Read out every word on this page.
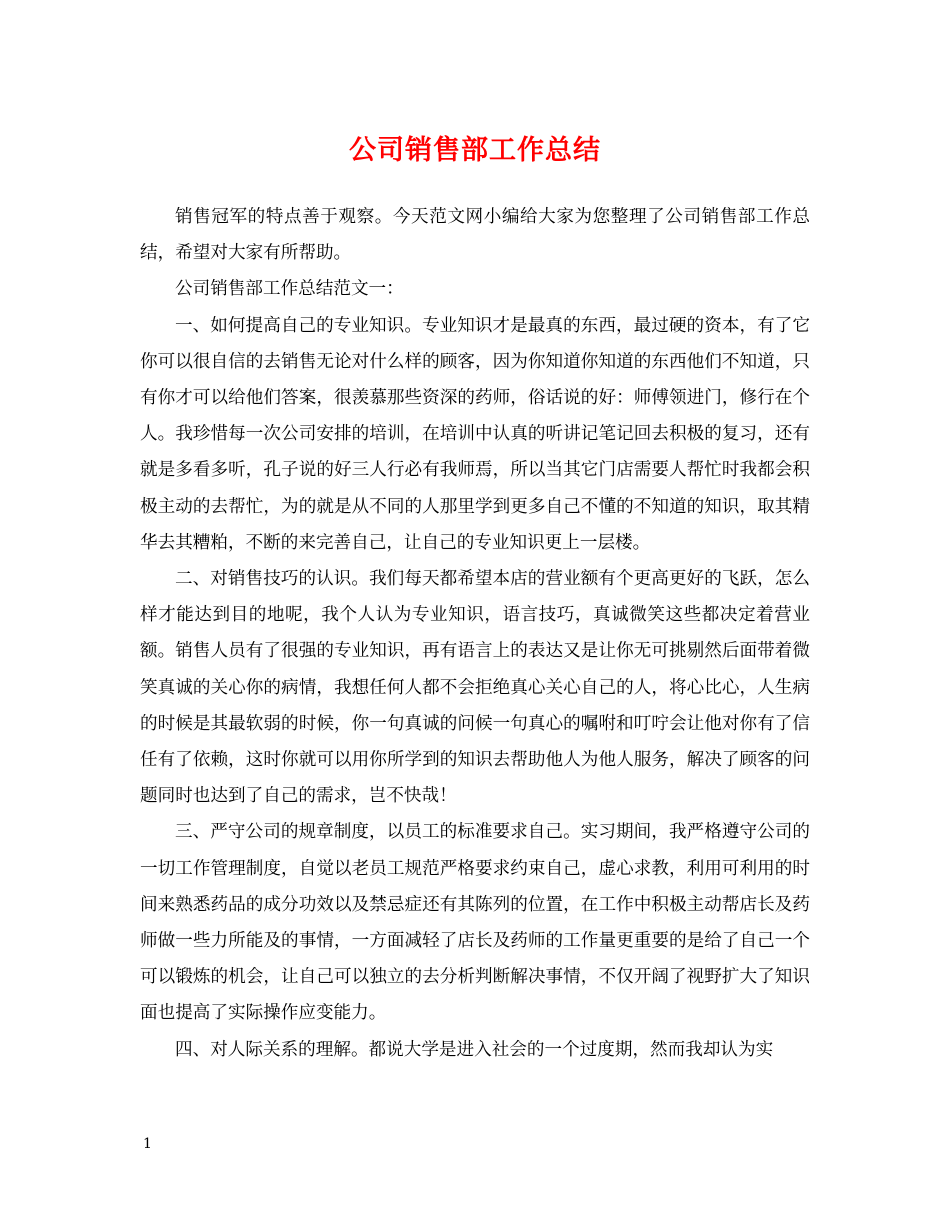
公司销售部工作总结

销售冠军的特点善于观察。今天范文网小编给大家为您整理了公司销售部工作总结，希望对大家有所帮助。

公司销售部工作总结范文一：

一、如何提高自己的专业知识。专业知识才是最真的东西，最过硬的资本，有了它你可以很自信的去销售无论对什么样的顾客，因为你知道你知道的东西他们不知道，只有你才可以给他们答案，很羡慕那些资深的药师，俗话说的好：师傅领进门，修行在个人。我珍惜每一次公司安排的培训，在培训中认真的听讲记笔记回去积极的复习，还有就是多看多听，孔子说的好三人行必有我师焉，所以当其它门店需要人帮忙时我都会积极主动的去帮忙，为的就是从不同的人那里学到更多自己不懂的不知道的知识，取其精华去其糟粕，不断的来完善自己，让自己的专业知识更上一层楼。

二、对销售技巧的认识。我们每天都希望本店的营业额有个更高更好的飞跃，怎么样才能达到目的地呢，我个人认为专业知识，语言技巧，真诚微笑这些都决定着营业额。销售人员有了很强的专业知识，再有语言上的表达又是让你无可挑剔然后面带着微笑真诚的关心你的病情，我想任何人都不会拒绝真心关心自己的人，将心比心，人生病的时候是其最软弱的时候，你一句真诚的问候一句真心的嘱咐和叮咛会让他对你有了信任有了依赖，这时你就可以用你所学到的知识去帮助他人为他人服务，解决了顾客的问题同时也达到了自己的需求，岂不快哉！

三、严守公司的规章制度，以员工的标准要求自己。实习期间，我严格遵守公司的一切工作管理制度，自觉以老员工规范严格要求约束自己，虚心求教，利用可利用的时间来熟悉药品的成分功效以及禁忌症还有其陈列的位置，在工作中积极主动帮店长及药师做一些力所能及的事情，一方面减轻了店长及药师的工作量更重要的是给了自己一个可以锻炼的机会，让自己可以独立的去分析判断解决事情，不仅开阔了视野扩大了知识面也提高了实际操作应变能力。

四、对人际关系的理解。都说大学是进入社会的一个过度期，然而我却认为实

1
